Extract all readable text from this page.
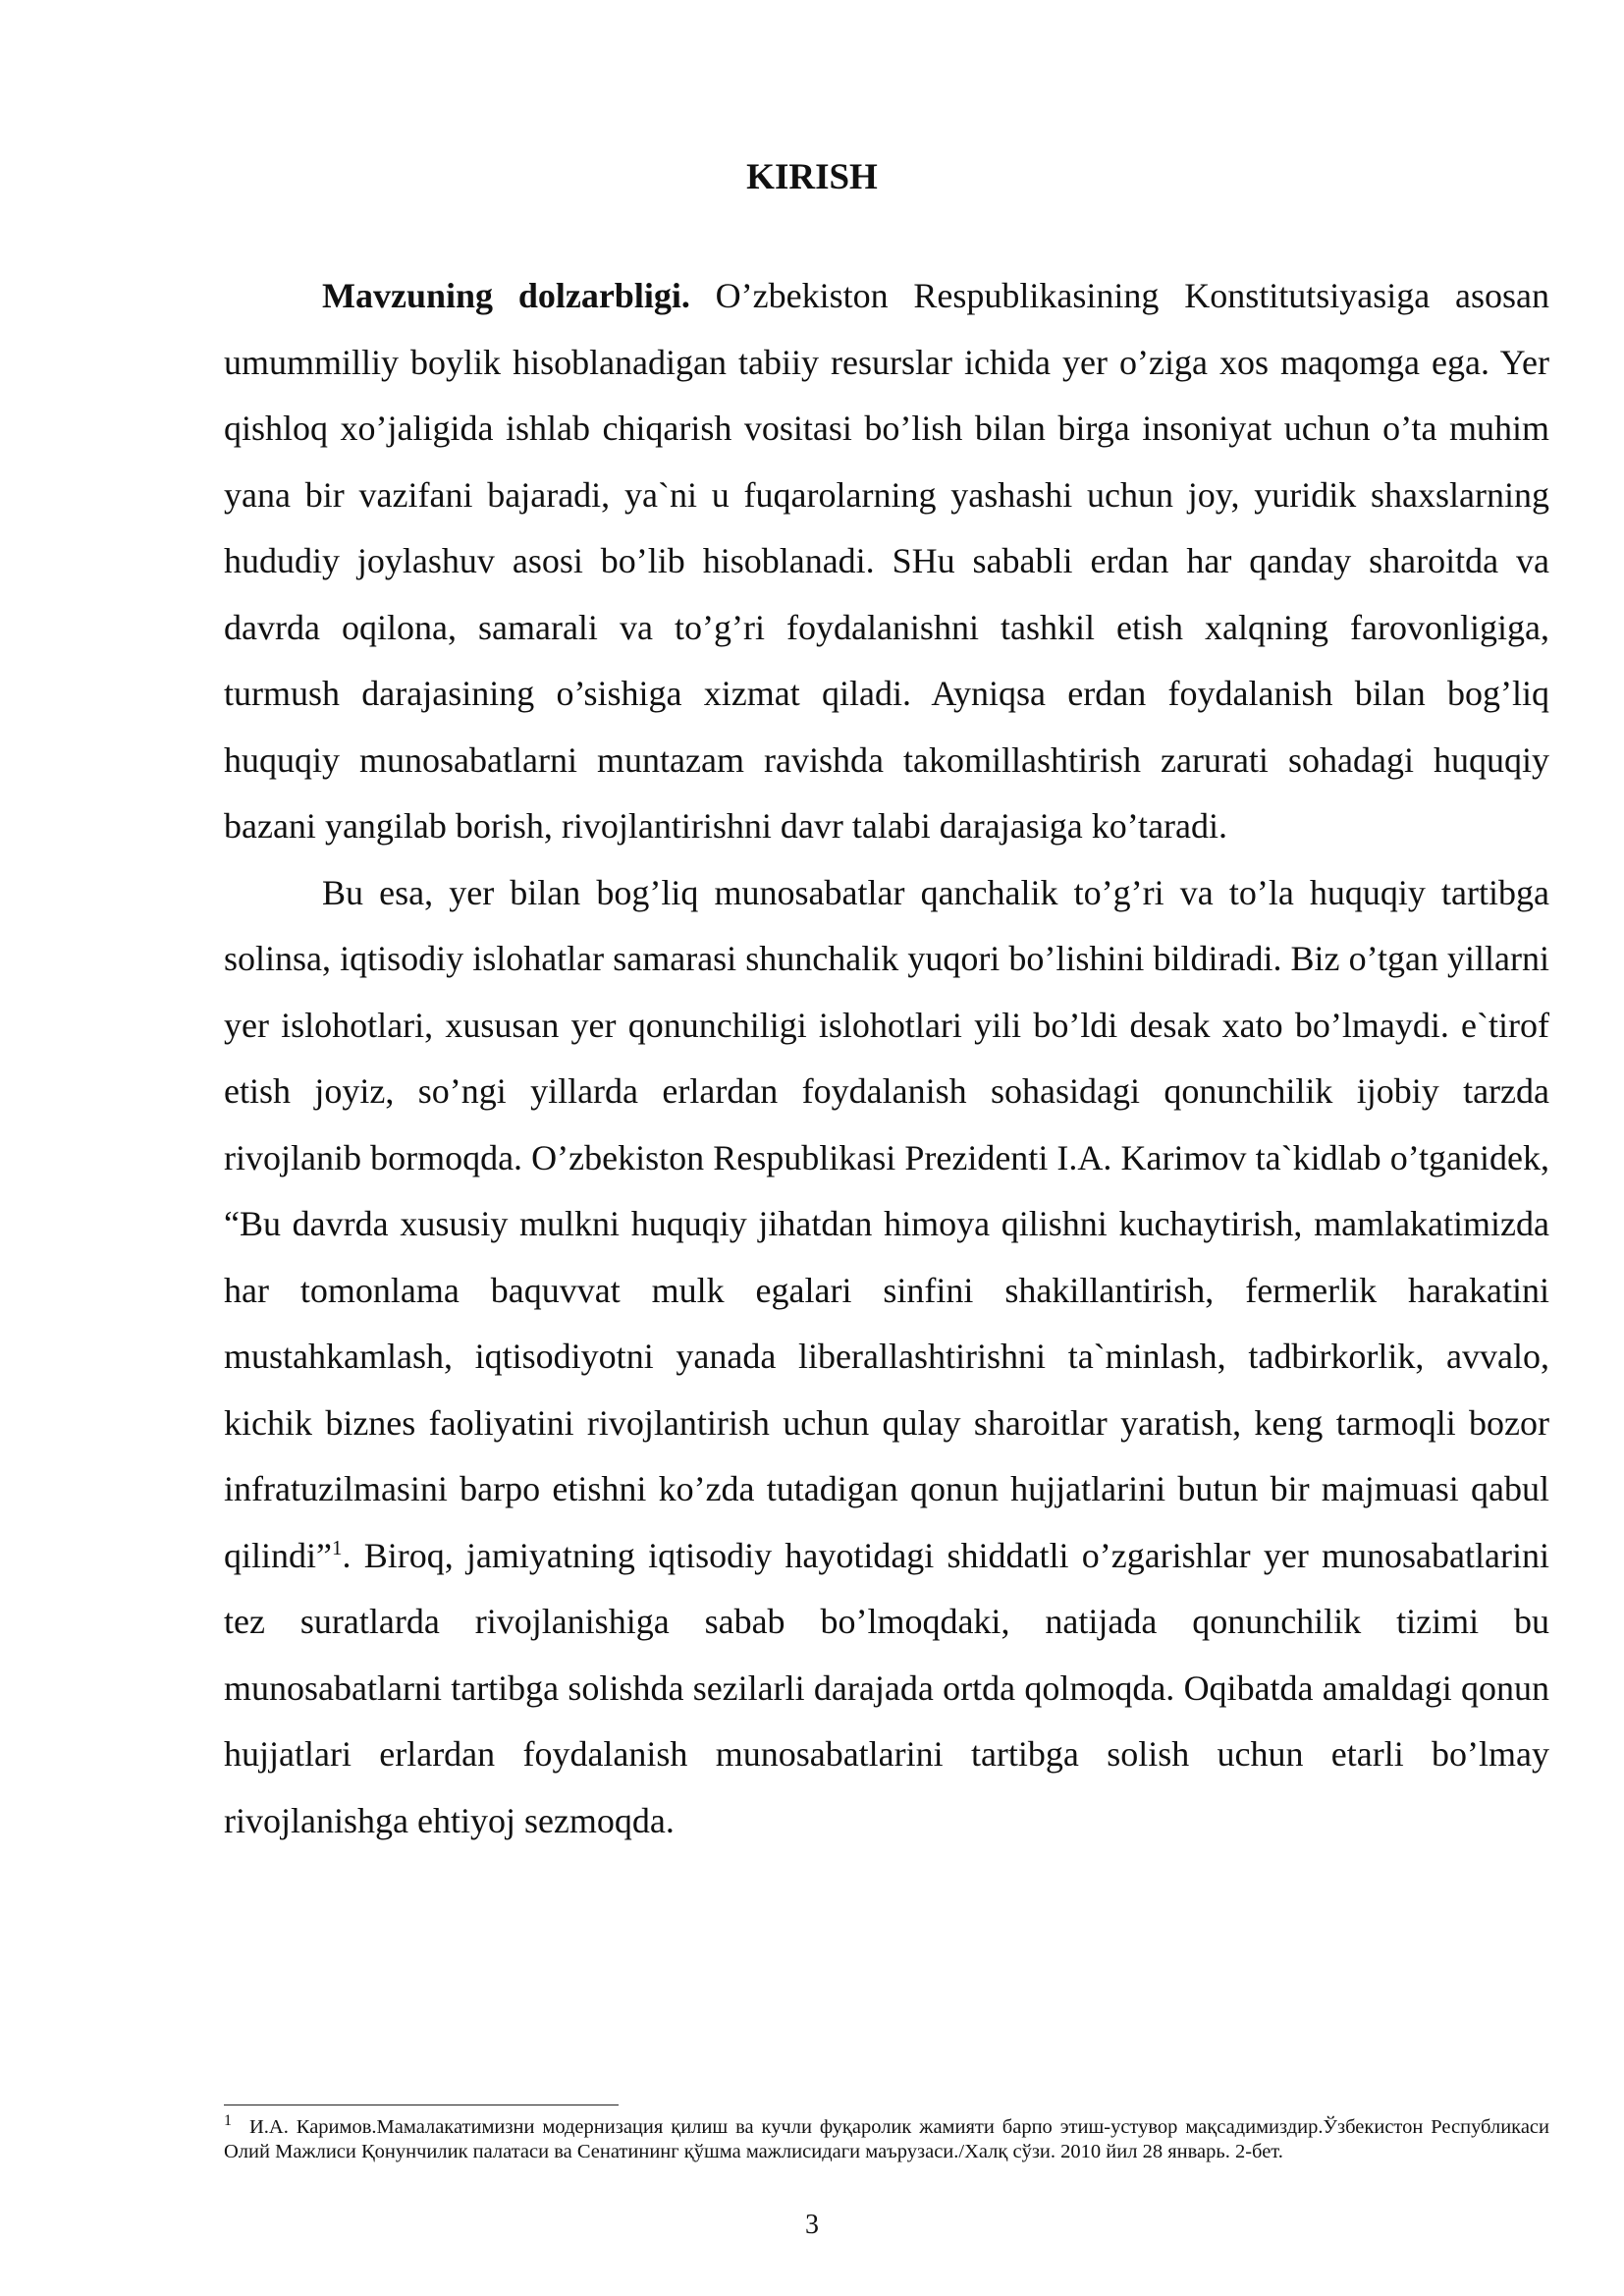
KIRISH

Mavzuning dolzarbligi. O’zbekiston Respublikasining Konstitutsiyasiga asosan umummilliy boylik hisoblanadigan tabiiy resurslar ichida yer o’ziga xos maqomga ega. Yer qishloq xo’jaligida ishlab chiqarish vositasi bo’lish bilan birga insoniyat uchun o’ta muhim yana bir vazifani bajaradi, ya`ni u fuqarolarning yashashi uchun joy, yuridik shaxslarning hududiy joylashuv asosi bo’lib hisoblanadi. SHu sababli erdan har qanday sharoitda va davrda oqilona, samarali va to’g’ri foydalanishni tashkil etish xalqning farovonligiga, turmush darajasining o’sishiga xizmat qiladi. Ayniqsa erdan foydalanish bilan bog’liq huquqiy munosabatlarni muntazam ravishda takomillashtirish zarurati sohadagi huquqiy bazani yangilab borish, rivojlantirishni davr talabi darajasiga ko’taradi.

Bu esa, yer bilan bog’liq munosabatlar qanchalik to’g’ri va to’la huquqiy tartibga solinsa, iqtisodiy islohatlar samarasi shunchalik yuqori bo’lishini bildiradi. Biz o’tgan yillarni yer islohotlari, xususan yer qonunchiligi islohotlari yili bo’ldi desak xato bo’lmaydi. e`tirof etish joyiz, so’ngi yillarda erlardan foydalanish sohasidagi qonunchilik ijobiy tarzda rivojlanib bormoqda. O’zbekiston Respublikasi Prezidenti I.A. Karimov ta`kidlab o’tganidek, “Bu davrda xususiy mulkni huquqiy jihatdan himoya qilishni kuchaytirish, mamlakatimizda har tomonlama baquvvat mulk egalari sinfini shakillantirish, fermerlik harakatini mustahkamlash, iqtisodiyotni yanada liberallashtirishni ta`minlash, tadbirkorlik, avvalo, kichik biznes faoliyatini rivojlantirish uchun qulay sharoitlar yaratish, keng tarmoqli bozor infratuzilmasini barpo etishni ko’zda tutadigan qonun hujjatlarini butun bir majmuasi qabul qilindi”$^1$. Biroq, jamiyatning iqtisodiy hayotidagi shiddatli o’zgarishlar yer munosabatlarini tez suratlarda rivojlanishiga sabab bo’lmoqdaki, natijada qonunchilik tizimi bu munosabatlarni tartibga solishda sezilarli darajada ortda qolmoqda. Oqibatda amaldagi qonun hujjatlari erlardan foydalanish munosabatlarini tartibga solish uchun etarli bo’lmay rivojlanishga ehtiyoj sezmoqda.

$^1$ И.А. Каримов.Мамалакатимизни модернизация қилиш ва кучли фуқаролик жамияти барпо этиш-устувор мақсадимиздир.Ўзбекистон Республикаси Олий Мажлиси Қонунчилик палатаси ва Сенатининг қўшма мажлисидаги маърузаси./Халқ сўзи. 2010 йил 28 январь. 2-бет.

3
